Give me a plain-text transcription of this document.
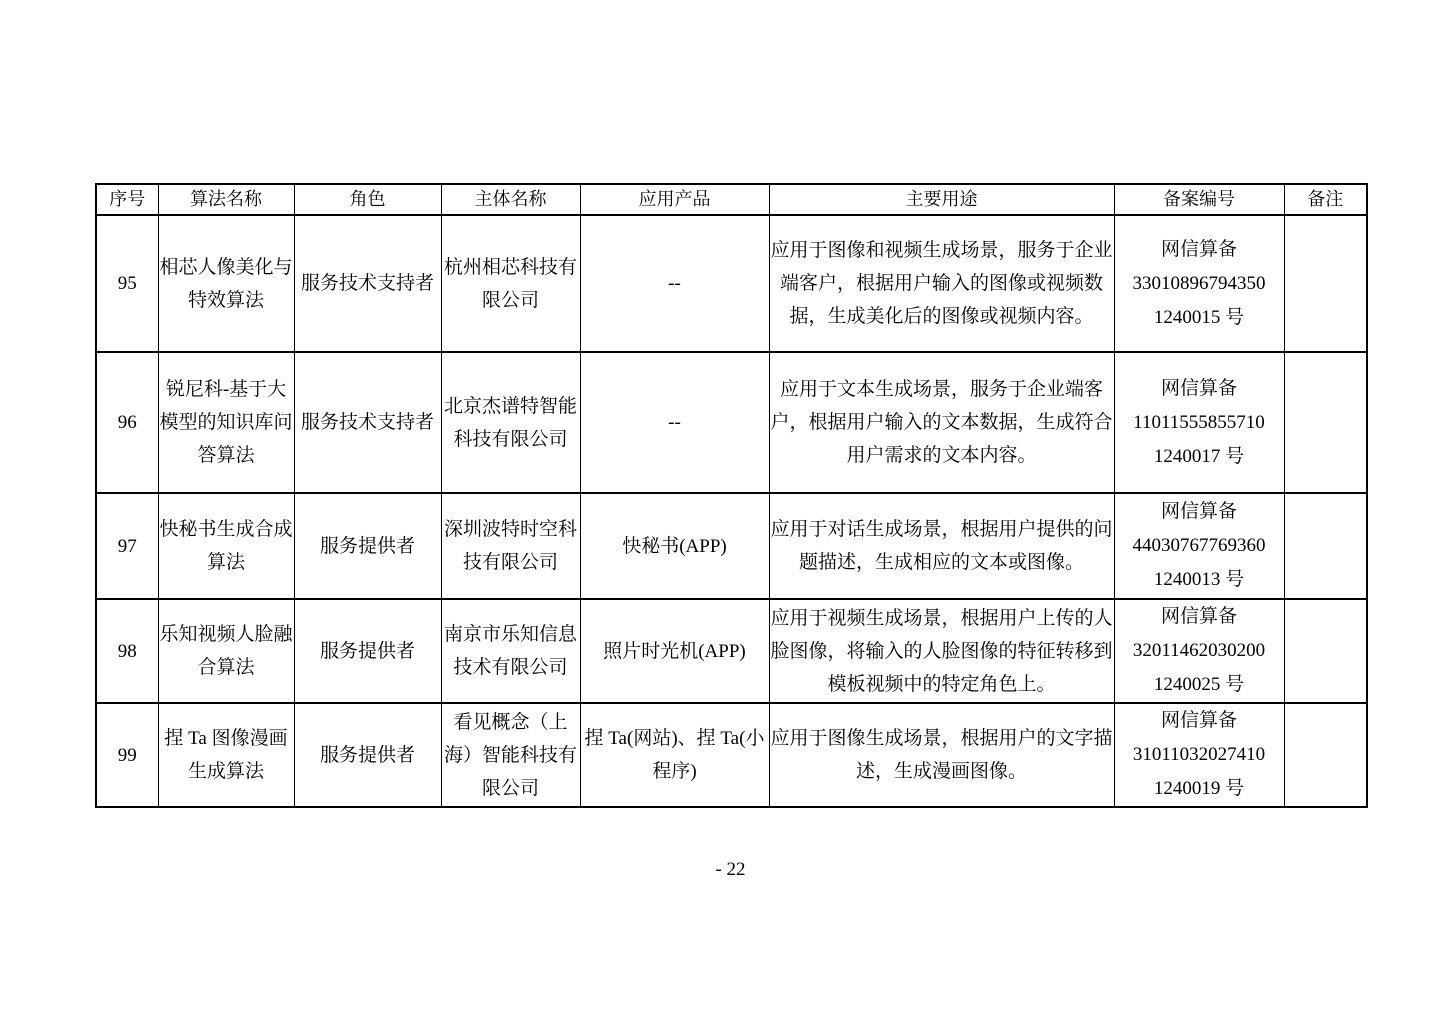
序号	算法名称	角色	主体名称	应用产品	主要用途	备案编号	备注
95	相芯人像美化与特效算法	服务技术支持者	杭州相芯科技有限公司	--	应用于图像和视频生成场景，服务于企业端客户，根据用户输入的图像或视频数据，生成美化后的图像或视频内容。	网信算备
33010896794350
1240015 号	

96	锐尼科-基于大模型的知识库问答算法	服务技术支持者	北京杰谱特智能科技有限公司	--	应用于文本生成场景，服务于企业端客户，根据用户输入的文本数据，生成符合用户需求的文本内容。	网信算备
11011555855710
1240017 号	

97	快秘书生成合成算法	服务提供者	深圳波特时空科技有限公司	快秘书(APP)	应用于对话生成场景，根据用户提供的问题描述，生成相应的文本或图像。	网信算备
44030767769360
1240013 号	

98	乐知视频人脸融合算法	服务提供者	南京市乐知信息技术有限公司	照片时光机(APP)	应用于视频生成场景，根据用户上传的人脸图像，将输入的人脸图像的特征转移到模板视频中的特定角色上。	网信算备
32011462030200
1240025 号	

99	捏 Ta 图像漫画生成算法	服务提供者	看见概念（上海）智能科技有限公司	捏 Ta(网站)、捏 Ta(小程序)	应用于图像生成场景，根据用户的文字描述，生成漫画图像。	网信算备
31011032027410
1240019 号	

- 22
